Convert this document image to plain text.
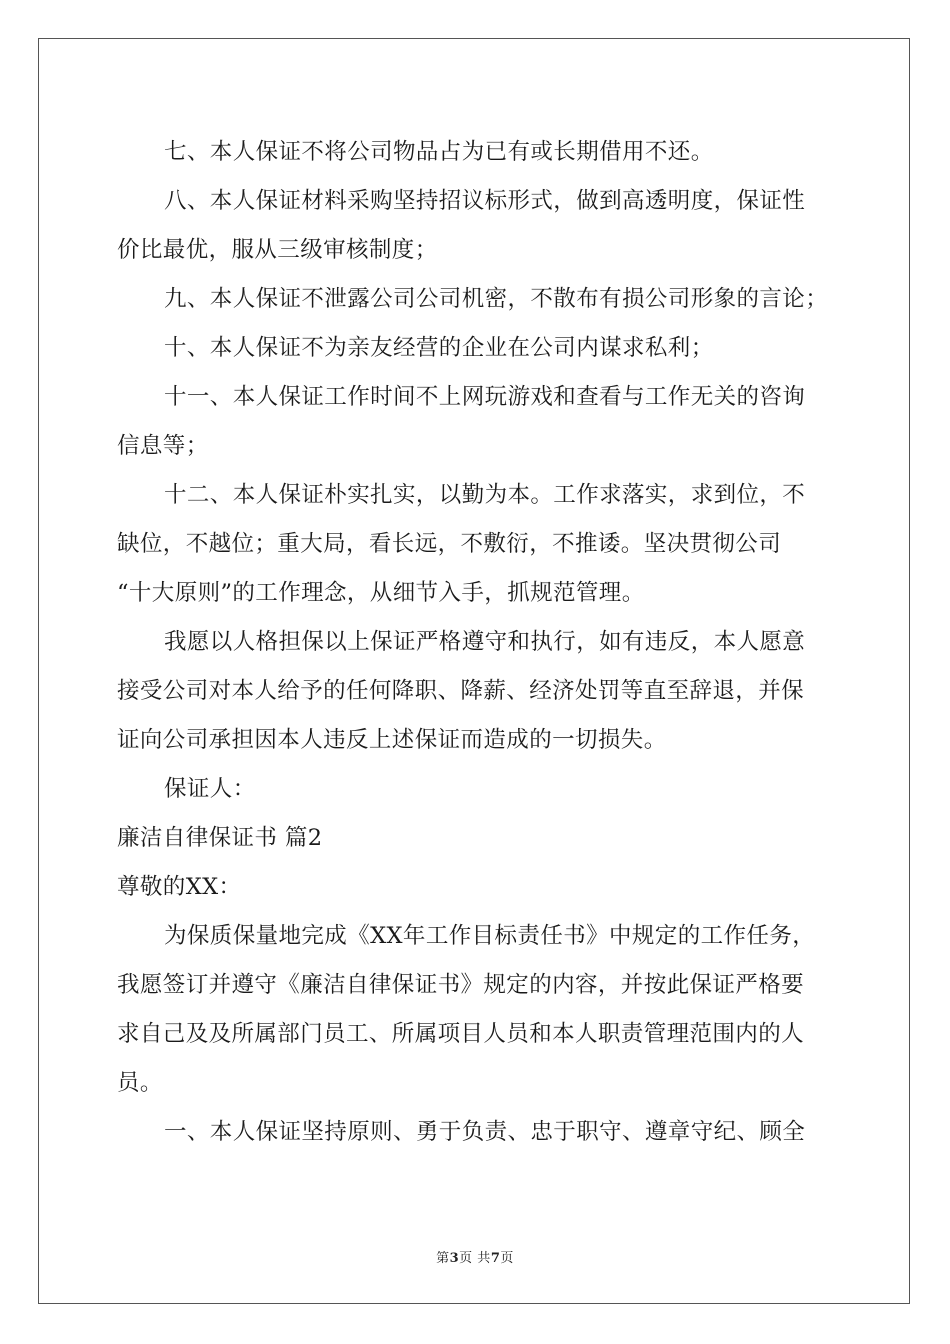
七、本人保证不将公司物品占为已有或长期借用不还。
八、本人保证材料采购坚持招议标形式，做到高透明度，保证性
价比最优，服从三级审核制度；
九、本人保证不泄露公司公司机密，不散布有损公司形象的言论；
十、本人保证不为亲友经营的企业在公司内谋求私利；
十一、本人保证工作时间不上网玩游戏和查看与工作无关的咨询
信息等；
十二、本人保证朴实扎实，以勤为本。工作求落实，求到位，不
缺位，不越位；重大局，看长远，不敷衍，不推诿。坚决贯彻公司
“十大原则”的工作理念，从细节入手，抓规范管理。
我愿以人格担保以上保证严格遵守和执行，如有违反，本人愿意
接受公司对本人给予的任何降职、降薪、经济处罚等直至辞退，并保
证向公司承担因本人违反上述保证而造成的一切损失。
保证人：
廉洁自律保证书 篇2
尊敬的XX：
为保质保量地完成《XX年工作目标责任书》中规定的工作任务，
我愿签订并遵守《廉洁自律保证书》规定的内容，并按此保证严格要
求自己及及所属部门员工、所属项目人员和本人职责管理范围内的人
员。
一、本人保证坚持原则、勇于负责、忠于职守、遵章守纪、顾全
第3页 共7页
